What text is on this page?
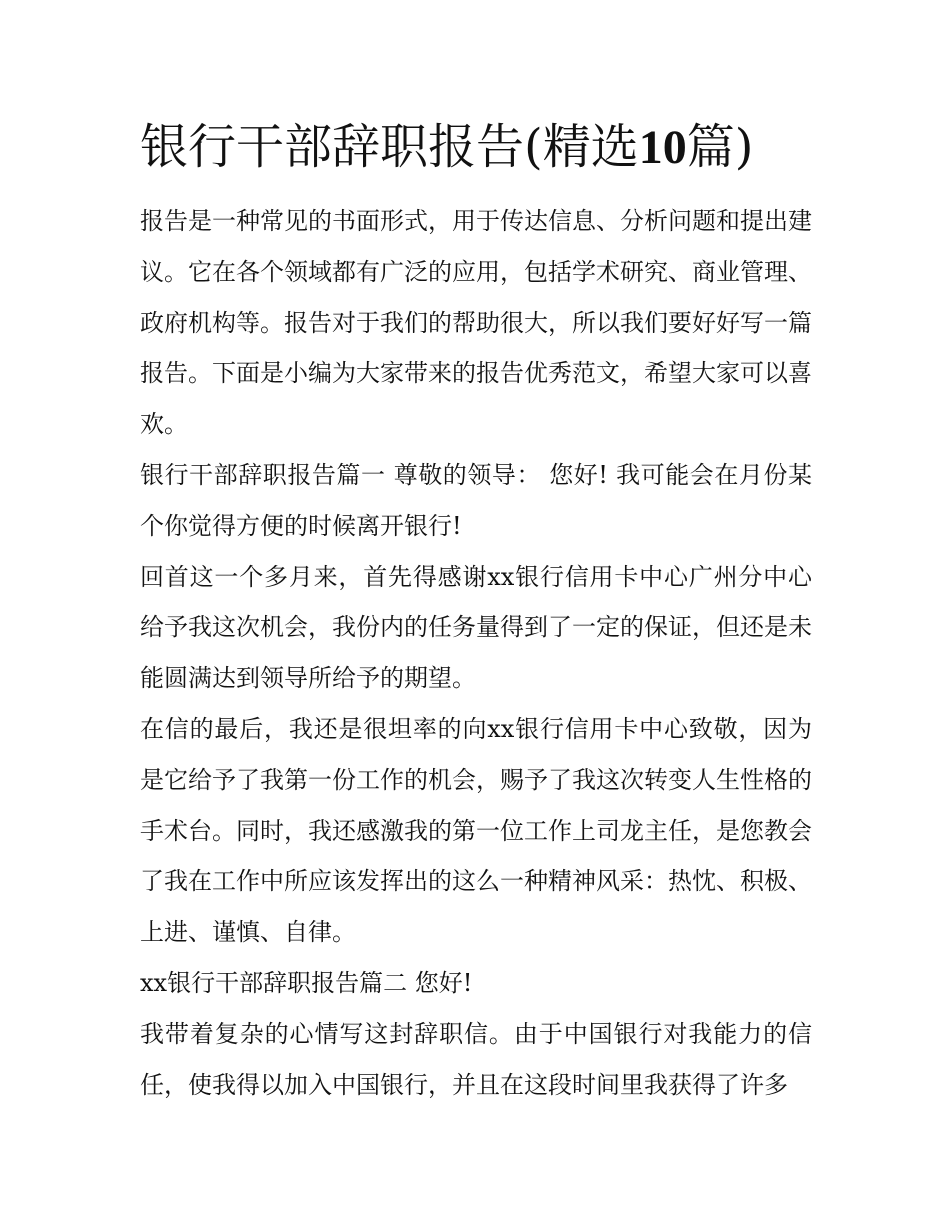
银行干部辞职报告(精选10篇)

报告是一种常见的书面形式，用于传达信息、分析问题和提出建议。它在各个领域都有广泛的应用，包括学术研究、商业管理、政府机构等。报告对于我们的帮助很大，所以我们要好好写一篇报告。下面是小编为大家带来的报告优秀范文，希望大家可以喜欢。

银行干部辞职报告篇一 尊敬的领导： 您好! 我可能会在月份某个你觉得方便的时候离开银行!

回首这一个多月来，首先得感谢xx银行信用卡中心广州分中心给予我这次机会，我份内的任务量得到了一定的保证，但还是未能圆满达到领导所给予的期望。

在信的最后，我还是很坦率的向xx银行信用卡中心致敬，因为是它给予了我第一份工作的机会，赐予了我这次转变人生性格的手术台。同时，我还感激我的第一位工作上司龙主任，是您教会了我在工作中所应该发挥出的这么一种精神风采：热忱、积极、上进、谨慎、自律。

xx银行干部辞职报告篇二 您好!

我带着复杂的心情写这封辞职信。由于中国银行对我能力的信任，使我得以加入中国银行，并且在这段时间里我获得了许多
